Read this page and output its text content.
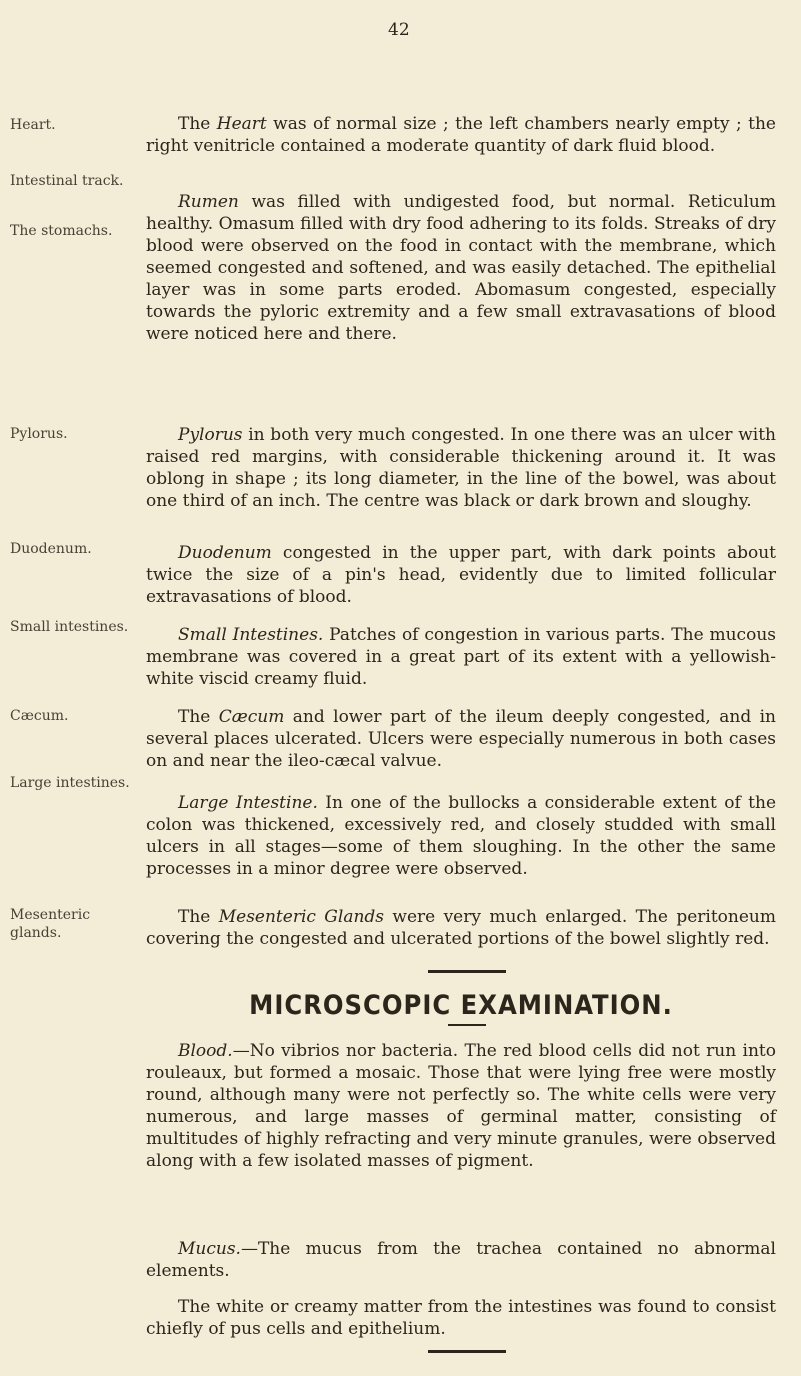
42
Heart.
Intestinal track.
The stomachs.
Pylorus.
Duodenum.
Small intestines.
Cæcum.
Large intestines.
Mesenteric glands.

The Heart was of normal size ; the left chambers nearly empty ; the right venitricle contained a moderate quantity of dark fluid blood.

Rumen was filled with undigested food, but normal. Reticulum healthy. Omasum filled with dry food adhering to its folds. Streaks of dry blood were observed on the food in contact with the membrane, which seemed congested and softened, and was easily detached. The epithelial layer was in some parts eroded. Abomasum congested, especially towards the pyloric extremity and a few small extravasations of blood were noticed here and there.

Pylorus in both very much congested. In one there was an ulcer with raised red margins, with considerable thickening around it. It was oblong in shape ; its long diameter, in the line of the bowel, was about one third of an inch. The centre was black or dark brown and sloughy.

Duodenum congested in the upper part, with dark points about twice the size of a pin's head, evidently due to limited follicular extravasations of blood.

Small Intestines. Patches of congestion in various parts. The mucous membrane was covered in a great part of its extent with a yellowish-white viscid creamy fluid.

The Cæcum and lower part of the ileum deeply congested, and in several places ulcerated. Ulcers were especially numerous in both cases on and near the ileo-cæcal valvue.

Large Intestine. In one of the bullocks a considerable extent of the colon was thickened, excessively red, and closely studded with small ulcers in all stages—some of them sloughing. In the other the same processes in a minor degree were observed.

The Mesenteric Glands were very much enlarged. The peritoneum covering the congested and ulcerated portions of the bowel slightly red.

MICROSCOPIC EXAMINATION.

Blood.—No vibrios nor bacteria. The red blood cells did not run into rouleaux, but formed a mosaic. Those that were lying free were mostly round, although many were not perfectly so. The white cells were very numerous, and large masses of germinal matter, consisting of multitudes of highly refracting and very minute granules, were observed along with a few isolated masses of pigment.

Mucus.—The mucus from the trachea contained no abnormal elements.

The white or creamy matter from the intestines was found to consist chiefly of pus cells and epithelium.
